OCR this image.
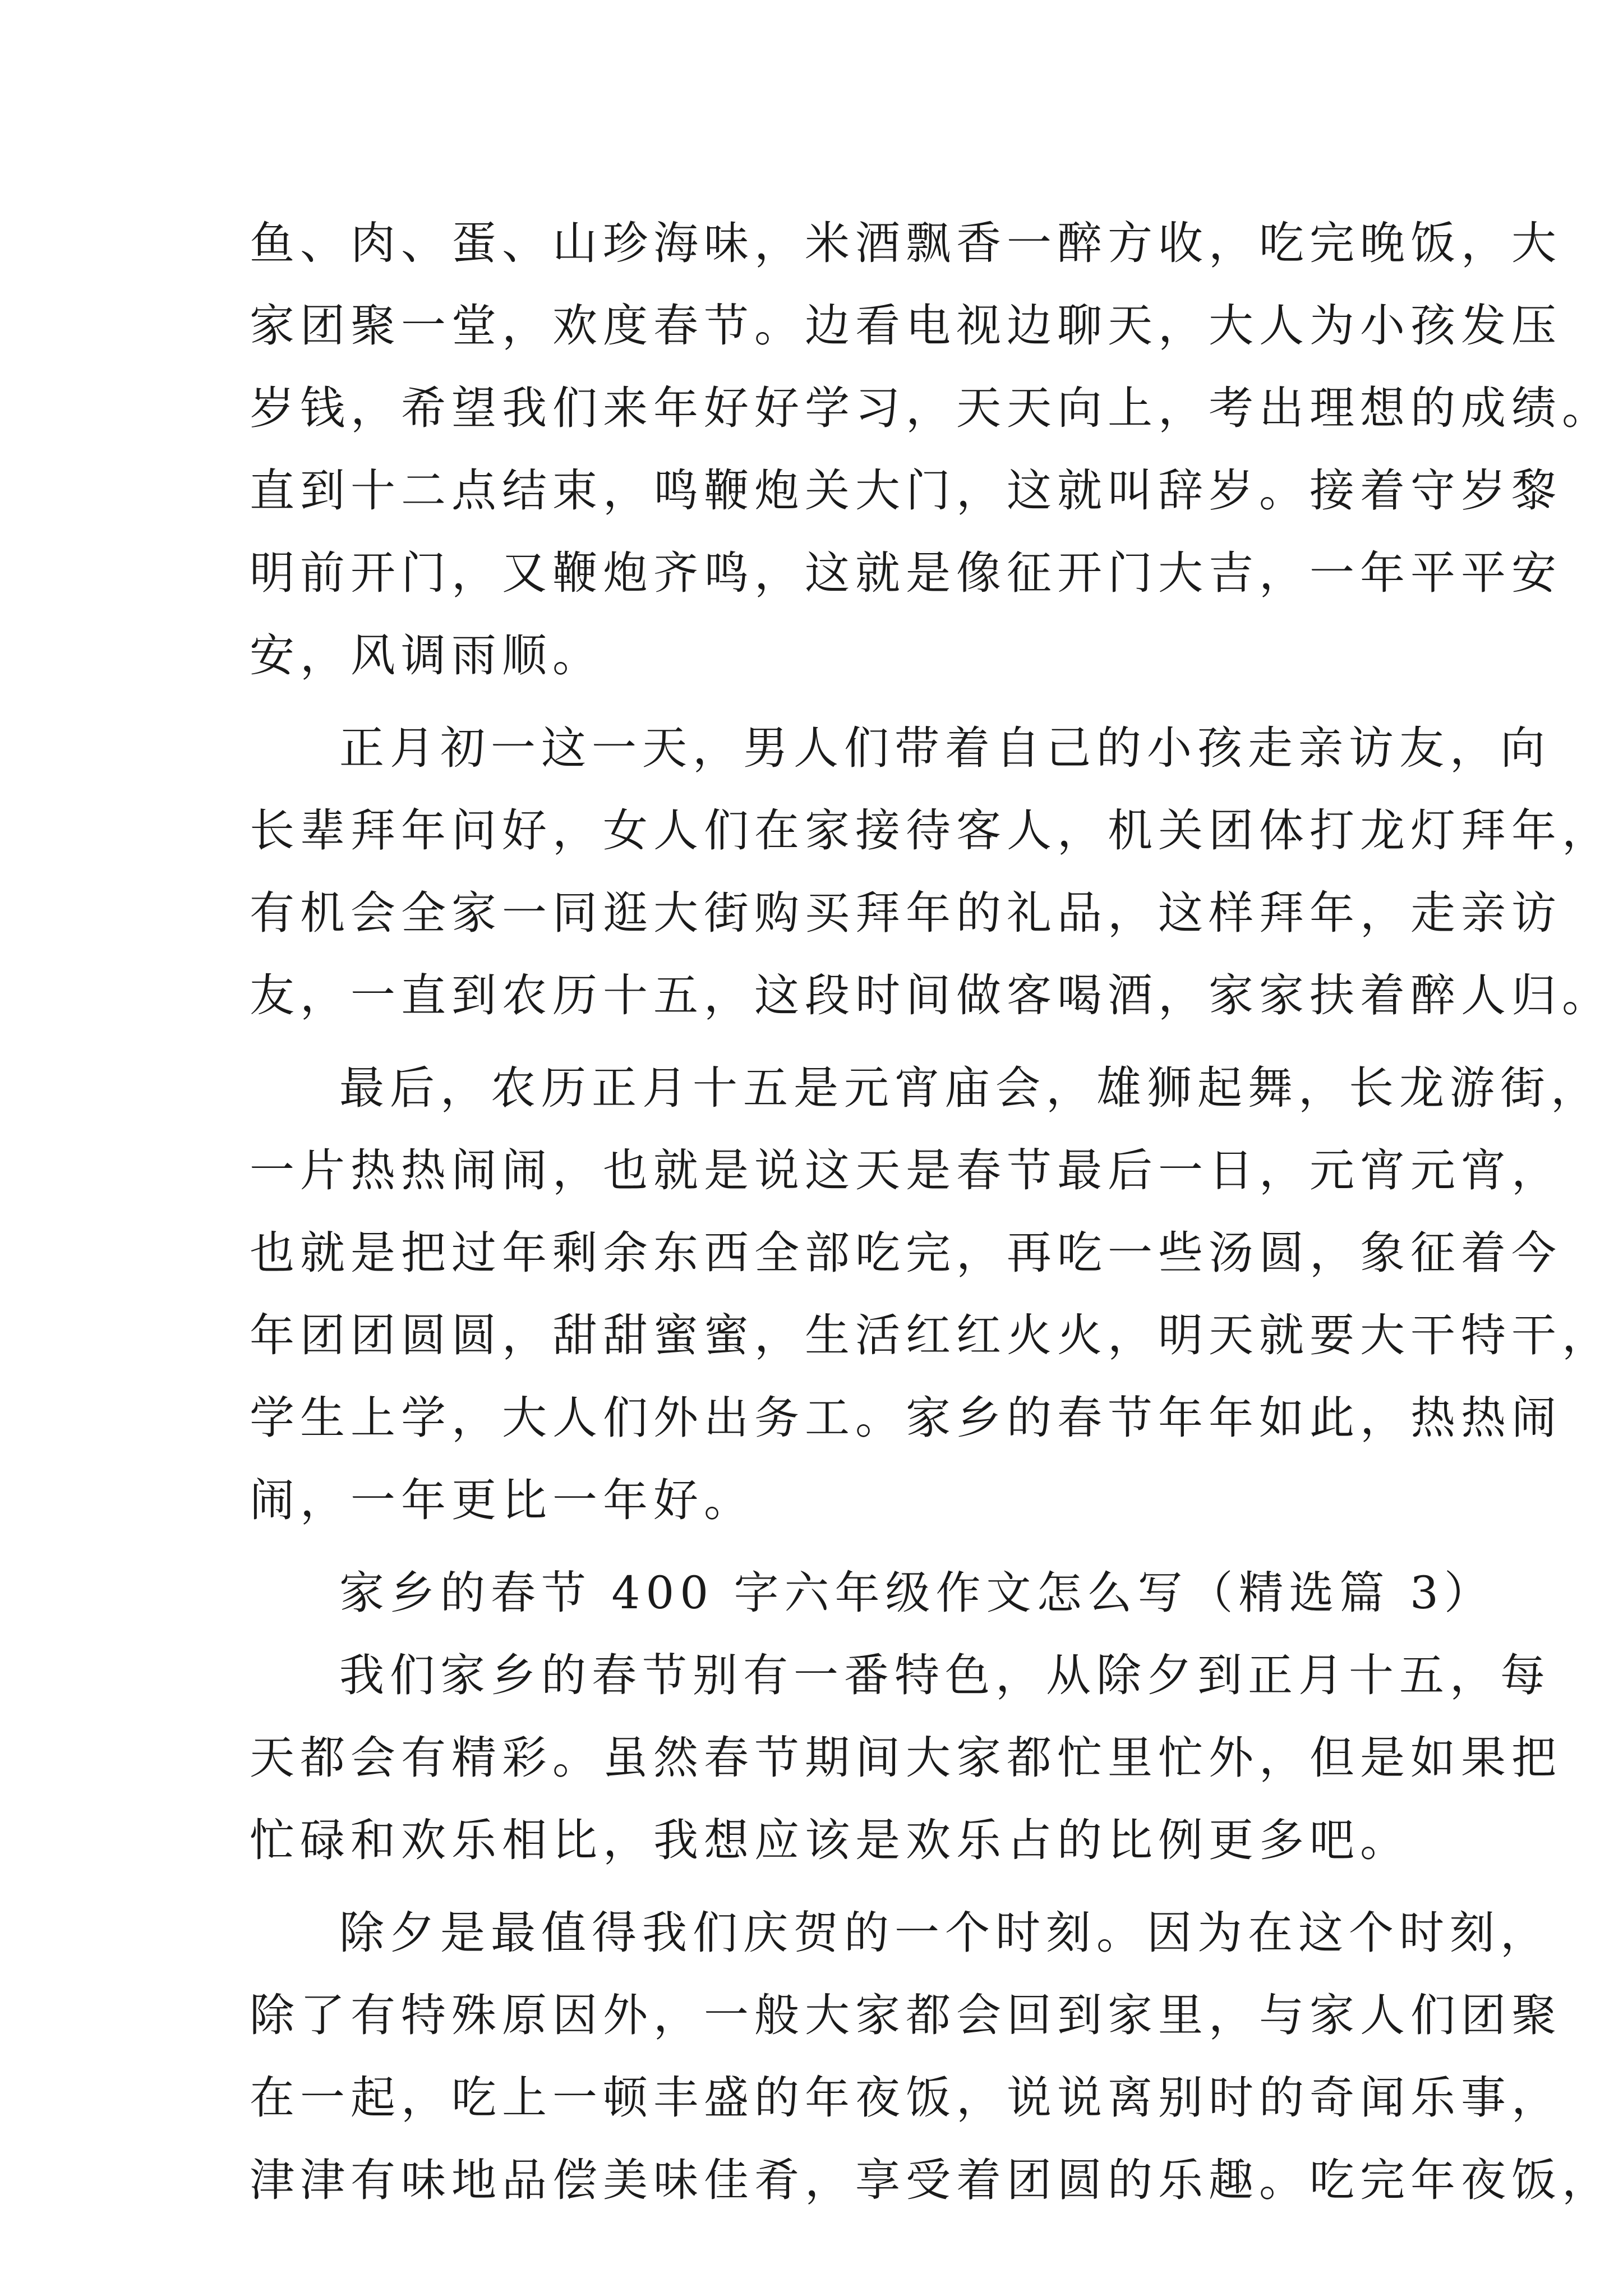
鱼、肉、蛋、山珍海味，米酒飘香一醉方收，吃完晚饭，大
家团聚一堂，欢度春节。边看电视边聊天，大人为小孩发压
岁钱，希望我们来年好好学习，天天向上，考出理想的成绩。
直到十二点结束，鸣鞭炮关大门，这就叫辞岁。接着守岁黎
明前开门，又鞭炮齐鸣，这就是像征开门大吉，一年平平安
安，风调雨顺。
正月初一这一天，男人们带着自己的小孩走亲访友，向
长辈拜年问好，女人们在家接待客人，机关团体打龙灯拜年，
有机会全家一同逛大街购买拜年的礼品，这样拜年，走亲访
友，一直到农历十五，这段时间做客喝酒，家家扶着醉人归。
最后，农历正月十五是元宵庙会，雄狮起舞，长龙游街，
一片热热闹闹，也就是说这天是春节最后一日，元宵元宵，
也就是把过年剩余东西全部吃完，再吃一些汤圆，象征着今
年团团圆圆，甜甜蜜蜜，生活红红火火，明天就要大干特干，
学生上学，大人们外出务工。家乡的春节年年如此，热热闹
闹，一年更比一年好。
家乡的春节 400 字六年级作文怎么写（精选篇 3）
我们家乡的春节别有一番特色，从除夕到正月十五，每
天都会有精彩。虽然春节期间大家都忙里忙外，但是如果把
忙碌和欢乐相比，我想应该是欢乐占的比例更多吧。
除夕是最值得我们庆贺的一个时刻。因为在这个时刻，
除了有特殊原因外，一般大家都会回到家里，与家人们团聚
在一起，吃上一顿丰盛的年夜饭，说说离别时的奇闻乐事，
津津有味地品偿美味佳肴，享受着团圆的乐趣。吃完年夜饭，
